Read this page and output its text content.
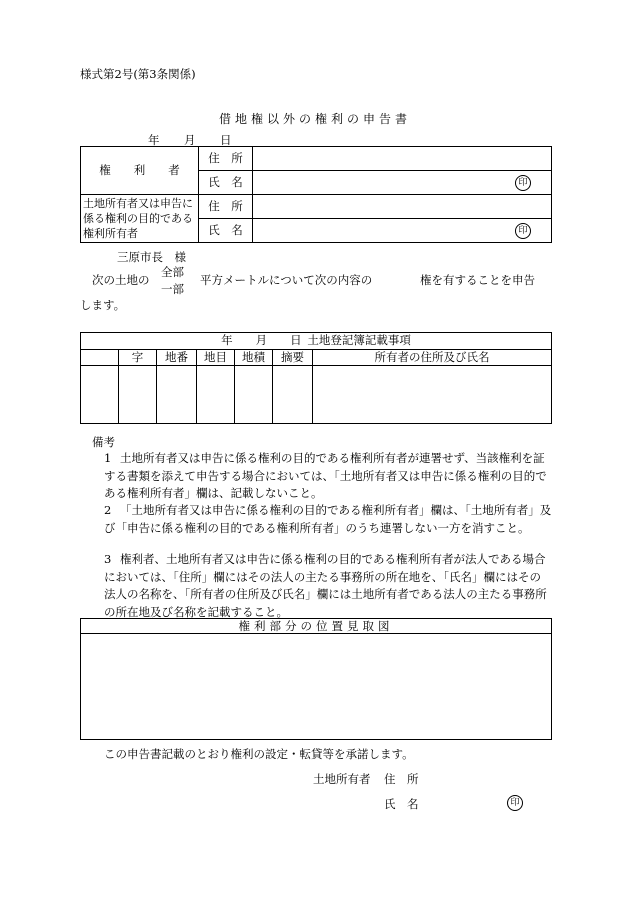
様式第2号(第3条関係)
借地権以外の権利の申告書
年 月 日
権　　利　　者	住　所	
	氏　名	印
土地所有者又は申告に係る権利の目的である権利所有者	住　所	
	氏　名	印
三原市長　様
次の土地の
全部
一部
平方メートルについて次の内容の	権を有することを申告
します。
年   月   日  土地登記簿記載事項						
	字	地番	地目	地積	摘要	所有者の住所及び氏名

備考
1 土地所有者又は申告に係る権利の目的である権利所有者が連署せず、当該権利を証する書類を添えて申告する場合においては、「土地所有者又は申告に係る権利の目的である権利所有者」欄は、記載しないこと。
2 「土地所有者又は申告に係る権利の目的である権利所有者」欄は、「土地所有者」及び「申告に係る権利の目的である権利所有者」のうち連署しない一方を消すこと。
3 権利者、土地所有者又は申告に係る権利の目的である権利所有者が法人である場合においては、「住所」欄にはその法人の主たる事務所の所在地を、「氏名」欄にはその法人の名称を、「所有者の住所及び氏名」欄には土地所有者である法人の主たる事務所の所在地及び名称を記載すること。
権利部分の位置見取図
この申告書記載のとおり権利の設定・転貸等を承諾します。
土地所有者 住　所
氏　名	印
